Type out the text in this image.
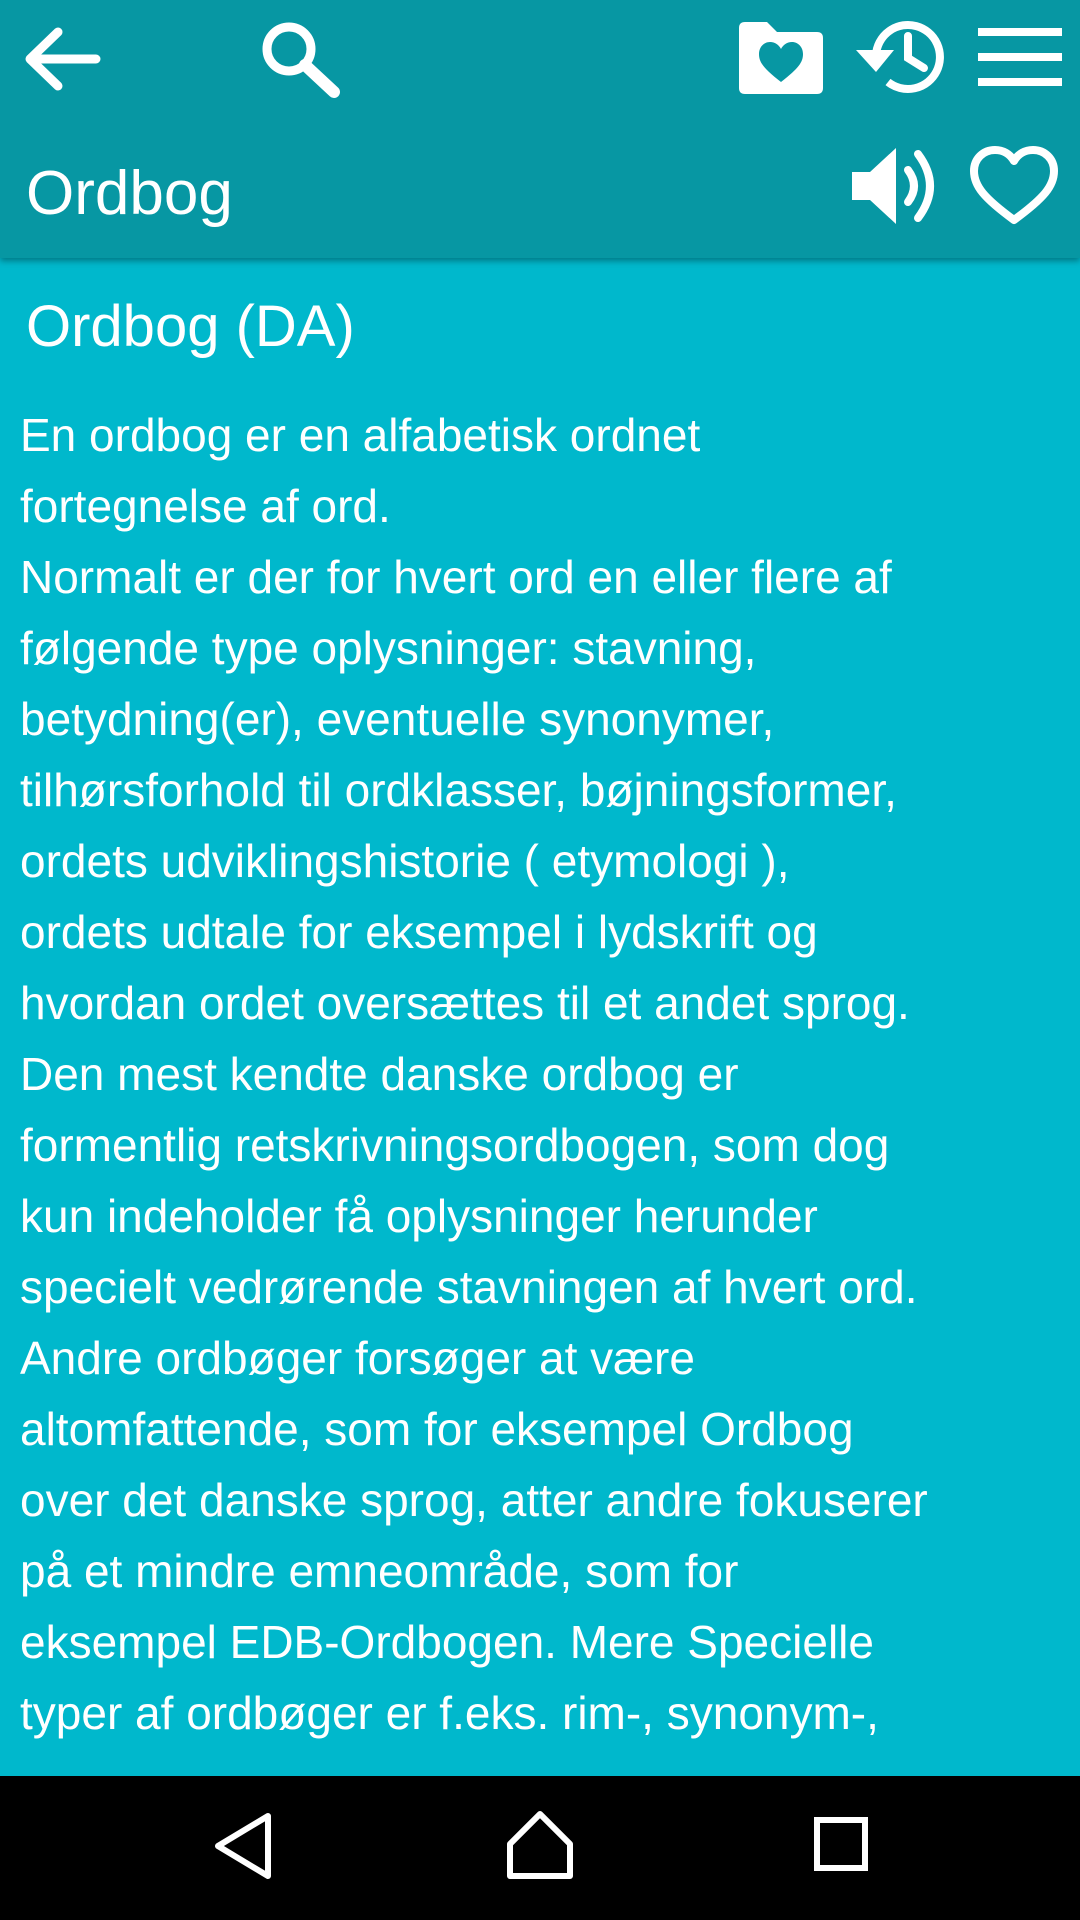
Ordbog
Ordbog (DA)
En ordbog er en alfabetisk ordnet
fortegnelse af ord.
Normalt er der for hvert ord en eller flere af
følgende type oplysninger: stavning,
betydning(er), eventuelle synonymer,
tilhørsforhold til ordklasser, bøjningsformer,
ordets udviklingshistorie ( etymologi ),
ordets udtale for eksempel i lydskrift og
hvordan ordet oversættes til et andet sprog.
Den mest kendte danske ordbog er
formentlig retskrivningsordbogen, som dog
kun indeholder få oplysninger herunder
specielt vedrørende stavningen af hvert ord.
Andre ordbøger forsøger at være
altomfattende, som for eksempel Ordbog
over det danske sprog, atter andre fokuserer
på et mindre emneområde, som for
eksempel EDB-Ordbogen. Mere Specielle
typer af ordbøger er f.eks. rim-, synonym-,
